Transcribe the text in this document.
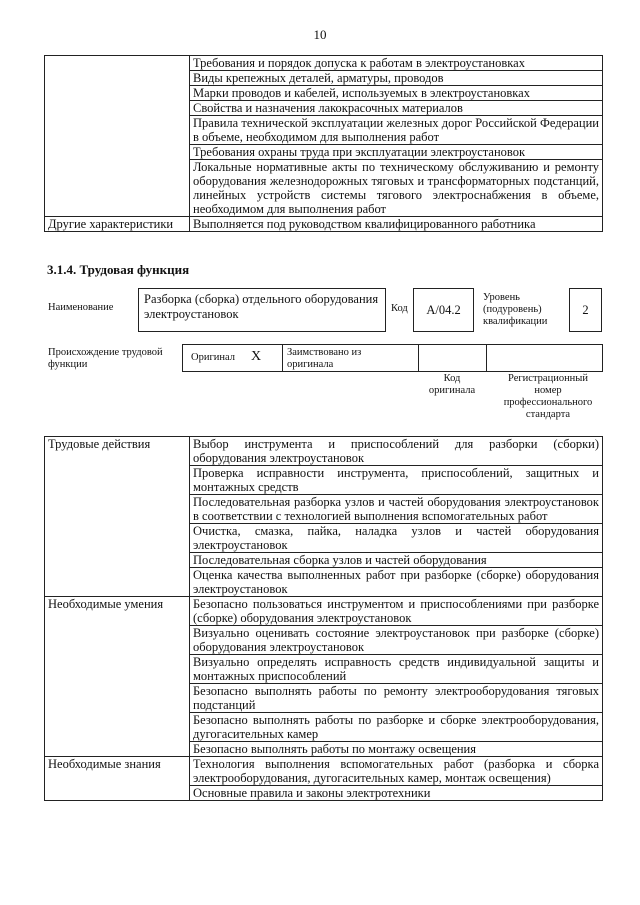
10
	Требования и порядок допуска к работам в электроустановках
	Виды крепежных деталей, арматуры, проводов
	Марки проводов и кабелей, используемых в электроустановках
	Свойства и назначения лакокрасочных материалов
	Правила технической эксплуатации железных дорог Российской Федерации в объеме, необходимом для выполнения работ
	Требования охраны труда при эксплуатации электроустановок
	Локальные нормативные акты по техническому обслуживанию и ремонту оборудования железнодорожных тяговых и трансформаторных подстанций, линейных устройств системы тягового электроснабжения в объеме, необходимом для выполнения работ
Другие характеристики	Выполняется под руководством квалифицированного работника
3.1.4. Трудовая функция
Наименование
Разборка (сборка) отдельного оборудования электроустановок	Код	А/04.2
Уровень (подуровень) квалификации
2
Происхождение трудовой функции
Оригинал X Заимствовано из оригинала
Код оригинала
Регистрационный номер профессионального стандарта
Трудовые действия	Выбор инструмента и приспособлений для разборки (сборки) оборудования электроустановок
	Проверка исправности инструмента, приспособлений, защитных и монтажных средств
	Последовательная разборка узлов и частей оборудования электроустановок в соответствии с технологией выполнения вспомогательных работ
	Очистка, смазка, пайка, наладка узлов и частей оборудования электроустановок
	Последовательная сборка узлов и частей оборудования
	Оценка качества выполненных работ при разборке (сборке) оборудования электроустановок
Необходимые умения	Безопасно пользоваться инструментом и приспособлениями при разборке (сборке) оборудования электроустановок
	Визуально оценивать состояние электроустановок при разборке (сборке) оборудования электроустановок
	Визуально определять исправность средств индивидуальной защиты и монтажных приспособлений
	Безопасно выполнять работы по ремонту электрооборудования тяговых подстанций
	Безопасно выполнять работы по разборке и сборке электрооборудования, дугогасительных камер
	Безопасно выполнять работы по монтажу освещения
Необходимые знания	Технология выполнения вспомогательных работ (разборка и сборка электрооборудования, дугогасительных камер, монтаж освещения)
	Основные правила и законы электротехники
